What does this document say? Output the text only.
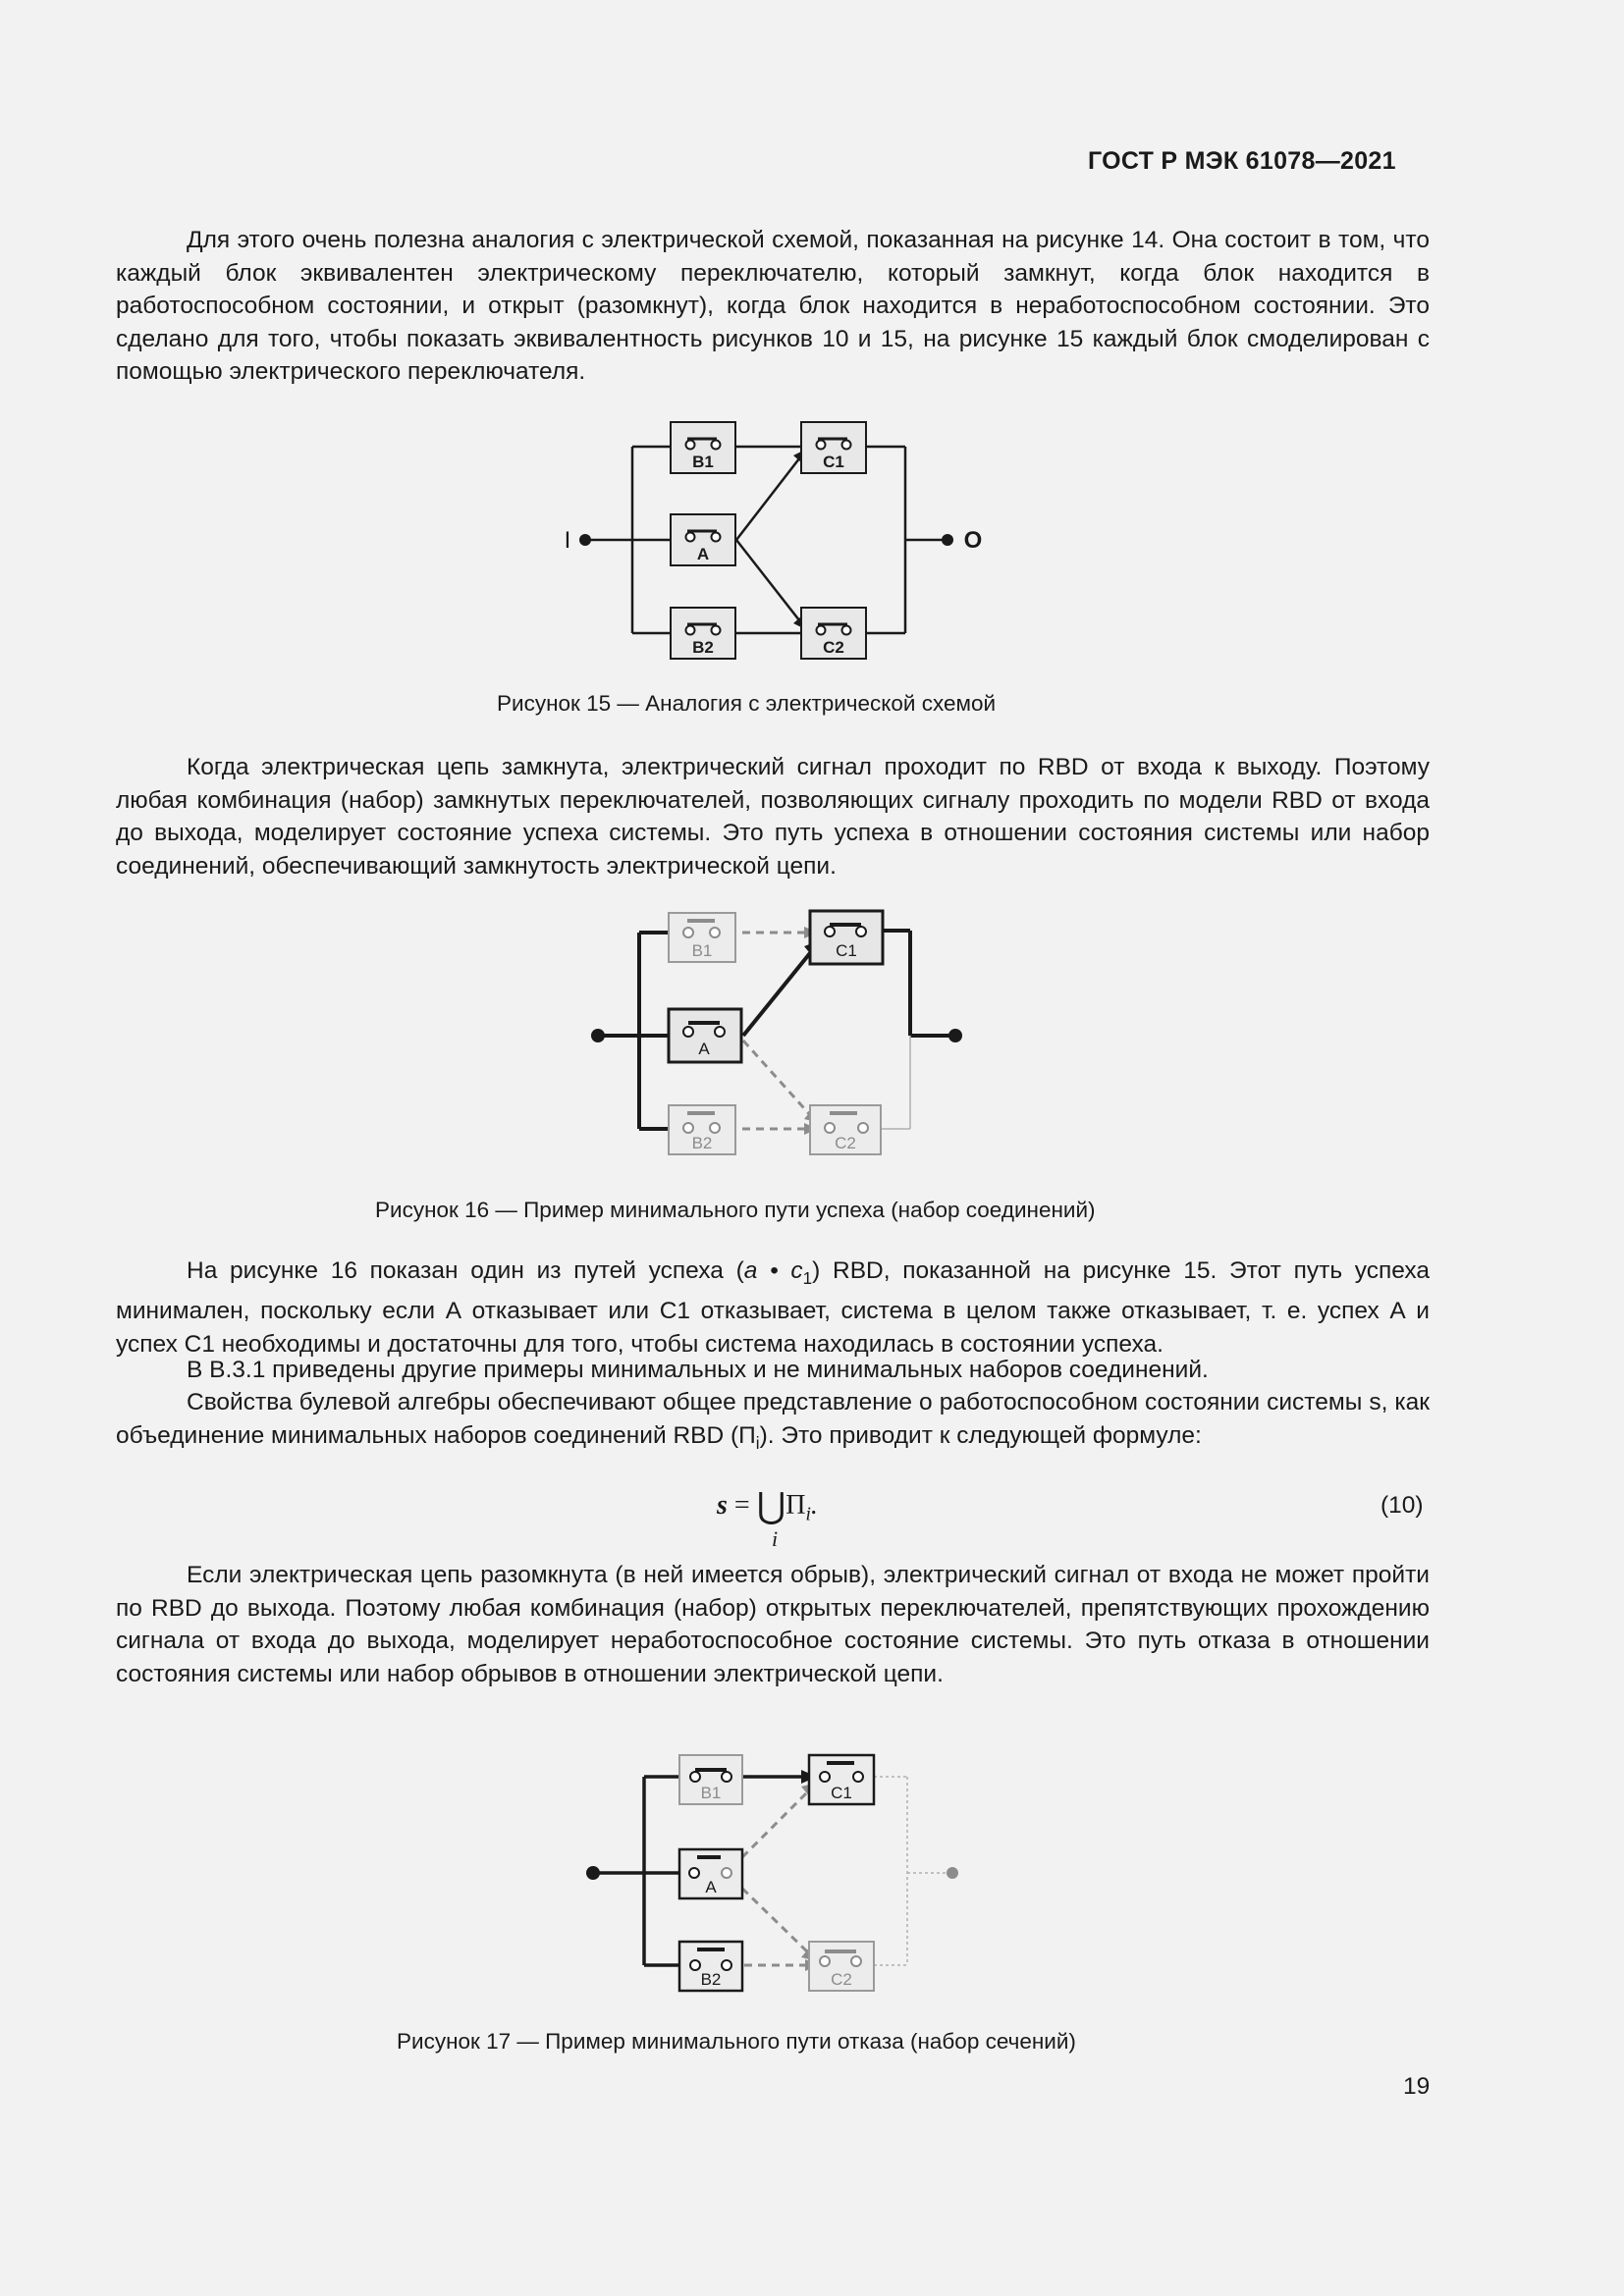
ГОСТ Р МЭК 61078—2021

Для этого очень полезна аналогия с электрической схемой, показанная на рисунке 14. Она состоит в том, что каждый блок эквивалентен электрическому переключателю, который замкнут, когда блок находится в работоспособном состоянии, и открыт (разомкнут), когда блок находится в неработоспособном состоянии. Это сделано для того, чтобы показать эквивалентность рисунков 10 и 15, на рисунке 15 каждый блок смоделирован с помощью электрического переключателя.

B1
A
B2
C1
C2
I	O
Рисунок 15 — Аналогия с электрической схемой

Когда электрическая цепь замкнута, электрический сигнал проходит по RBD от входа к выходу. Поэтому любая комбинация (набор) замкнутых переключателей, позволяющих сигналу проходить по модели RBD от входа до выхода, моделирует состояние успеха системы. Это путь успеха в отношении состояния системы или набор соединений, обеспечивающий замкнутость электрической цепи.

B1
A
B2
C1
C2
Рисунок 16 — Пример минимального пути успеха (набор соединений)

На рисунке 16 показан один из путей успеха (a • $c_1$) RBD, показанной на рисунке 15. Этот путь успеха минимален, поскольку если А отказывает или С1 отказывает, система в целом также отказывает, т. е. успех А и успех С1 необходимы и достаточны для того, чтобы система находилась в состоянии успеха.

В В.3.1 приведены другие примеры минимальных и не минимальных наборов соединений.

Свойства булевой алгебры обеспечивают общее представление о работоспособном состоянии системы s, как объединение минимальных наборов соединений RBD $(П_i)$. Это приводит к следующей формуле:

$s = ⋃\Pi_i$.
i
(10)

Если электрическая цепь разомкнута (в ней имеется обрыв), электрический сигнал от входа не может пройти по RBD до выхода. Поэтому любая комбинация (набор) открытых переключателей, препятствующих прохождению сигнала от входа до выхода, моделирует неработоспособное состояние системы. Это путь отказа в отношении состояния системы или набор обрывов в отношении электрической цепи.

B1
A
B2
C1
C2
Рисунок 17 — Пример минимального пути отказа (набор сечений)
19
